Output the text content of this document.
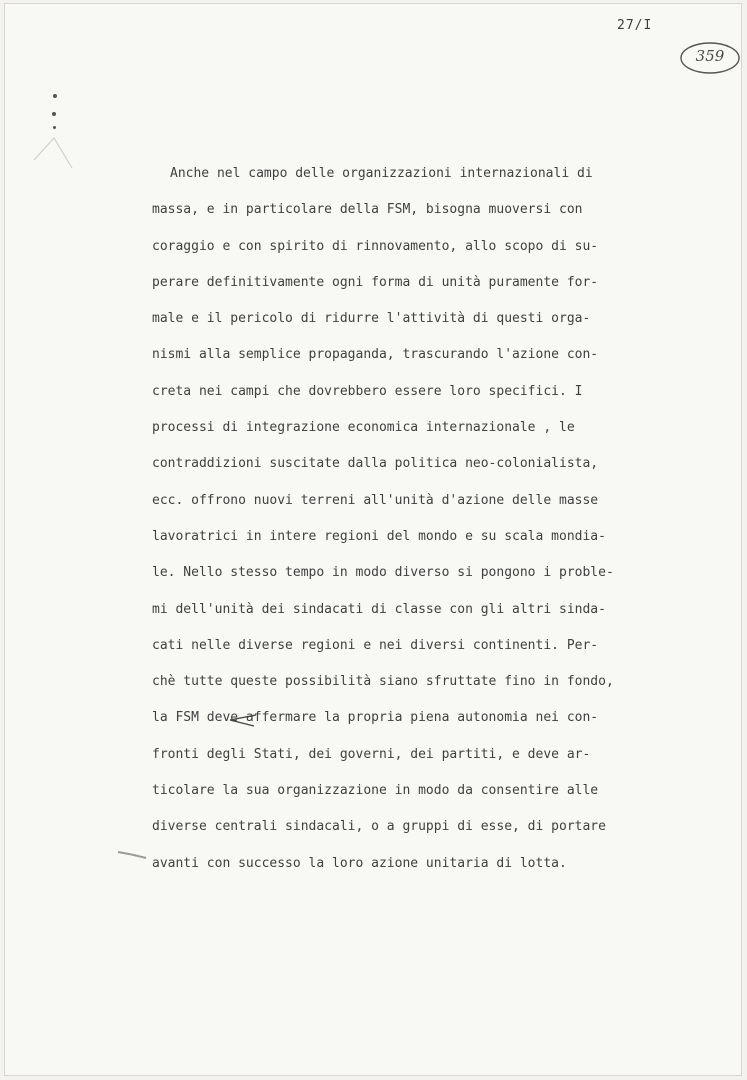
27/I
359
Anche nel campo delle organizzazioni internazionali di
massa, e in particolare della FSM, bisogna muoversi con
coraggio e con spirito di rinnovamento, allo scopo di su-
perare definitivamente ogni forma di unità puramente for-
male e il pericolo di ridurre l'attività di questi orga-
nismi alla semplice propaganda, trascurando l'azione con-
creta nei campi che dovrebbero essere loro specifici. I
processi di integrazione economica internazionale , le
contraddizioni suscitate dalla politica neo-colonialista,
ecc. offrono nuovi terreni all'unità d'azione delle masse
lavoratrici in intere regioni del mondo e su scala mondia-
le. Nello stesso tempo in modo diverso si pongono i proble-
mi dell'unità dei sindacati di classe con gli altri sinda-
cati nelle diverse regioni e nei diversi continenti. Per-
chè tutte queste possibilità siano sfruttate fino in fondo,
la FSM deve affermare la propria piena autonomia nei con-
fronti degli Stati, dei governi, dei partiti, e deve ar-
ticolare la sua organizzazione in modo da consentire alle
diverse centrali sindacali, o a gruppi di esse, di portare
avanti con successo la loro azione unitaria di lotta.
